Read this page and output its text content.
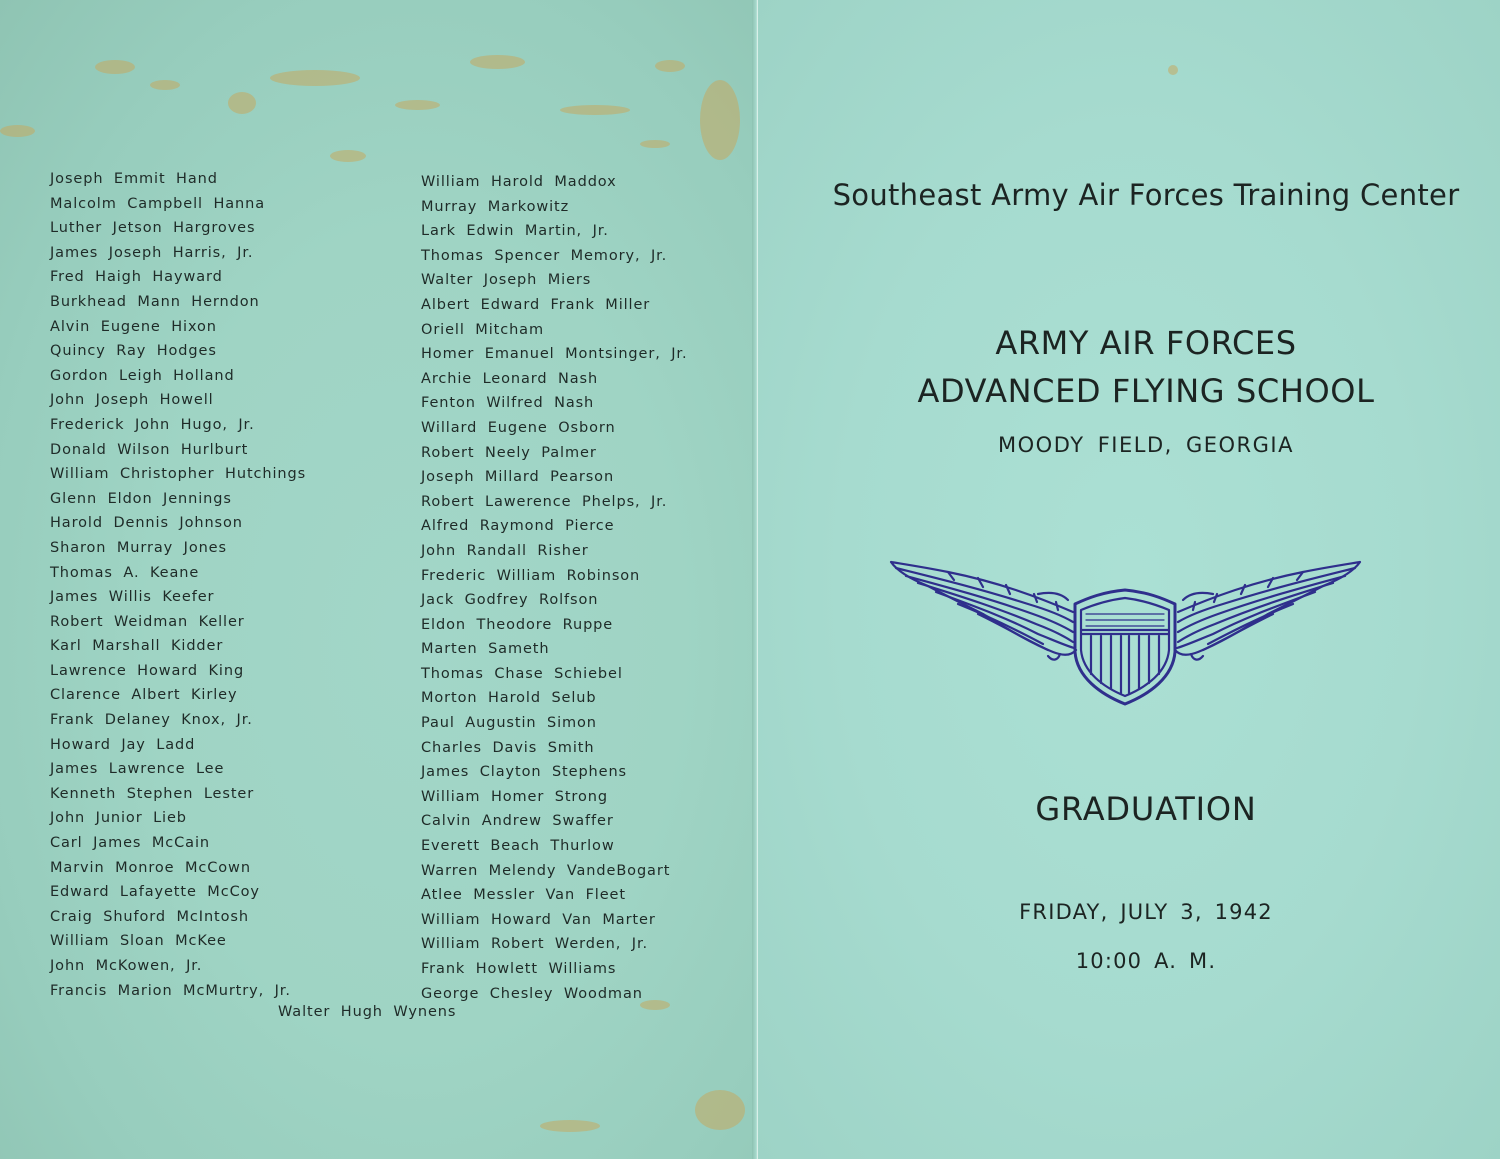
Joseph Emmit Hand
Malcolm Campbell Hanna
Luther Jetson Hargroves
James Joseph Harris, Jr.
Fred Haigh Hayward
Burkhead Mann Herndon
Alvin Eugene Hixon
Quincy Ray Hodges
Gordon Leigh Holland
John Joseph Howell
Frederick John Hugo, Jr.
Donald Wilson Hurlburt
William Christopher Hutchings
Glenn Eldon Jennings
Harold Dennis Johnson
Sharon Murray Jones
Thomas A. Keane
James Willis Keefer
Robert Weidman Keller
Karl Marshall Kidder
Lawrence Howard King
Clarence Albert Kirley
Frank Delaney Knox, Jr.
Howard Jay Ladd
James Lawrence Lee
Kenneth Stephen Lester
John Junior Lieb
Carl James McCain
Marvin Monroe McCown
Edward Lafayette McCoy
Craig Shuford McIntosh
William Sloan McKee
John McKowen, Jr.
Francis Marion McMurtry, Jr.
William Harold Maddox
Murray Markowitz
Lark Edwin Martin, Jr.
Thomas Spencer Memory, Jr.
Walter Joseph Miers
Albert Edward Frank Miller
Oriell Mitcham
Homer Emanuel Montsinger, Jr.
Archie Leonard Nash
Fenton Wilfred Nash
Willard Eugene Osborn
Robert Neely Palmer
Joseph Millard Pearson
Robert Lawerence Phelps, Jr.
Alfred Raymond Pierce
John Randall Risher
Frederic William Robinson
Jack Godfrey Rolfson
Eldon Theodore Ruppe
Marten Sameth
Thomas Chase Schiebel
Morton Harold Selub
Paul Augustin Simon
Charles Davis Smith
James Clayton Stephens
William Homer Strong
Calvin Andrew Swaffer
Everett Beach Thurlow
Warren Melendy VandeBogart
Atlee Messler Van Fleet
William Howard Van Marter
William Robert Werden, Jr.
Frank Howlett Williams
George Chesley Woodman
Walter Hugh Wynens
Southeast Army Air Forces Training Center
ARMY AIR FORCES
ADVANCED FLYING SCHOOL
MOODY FIELD, GEORGIA
GRADUATION
FRIDAY, JULY 3, 1942
10:00 A. M.
